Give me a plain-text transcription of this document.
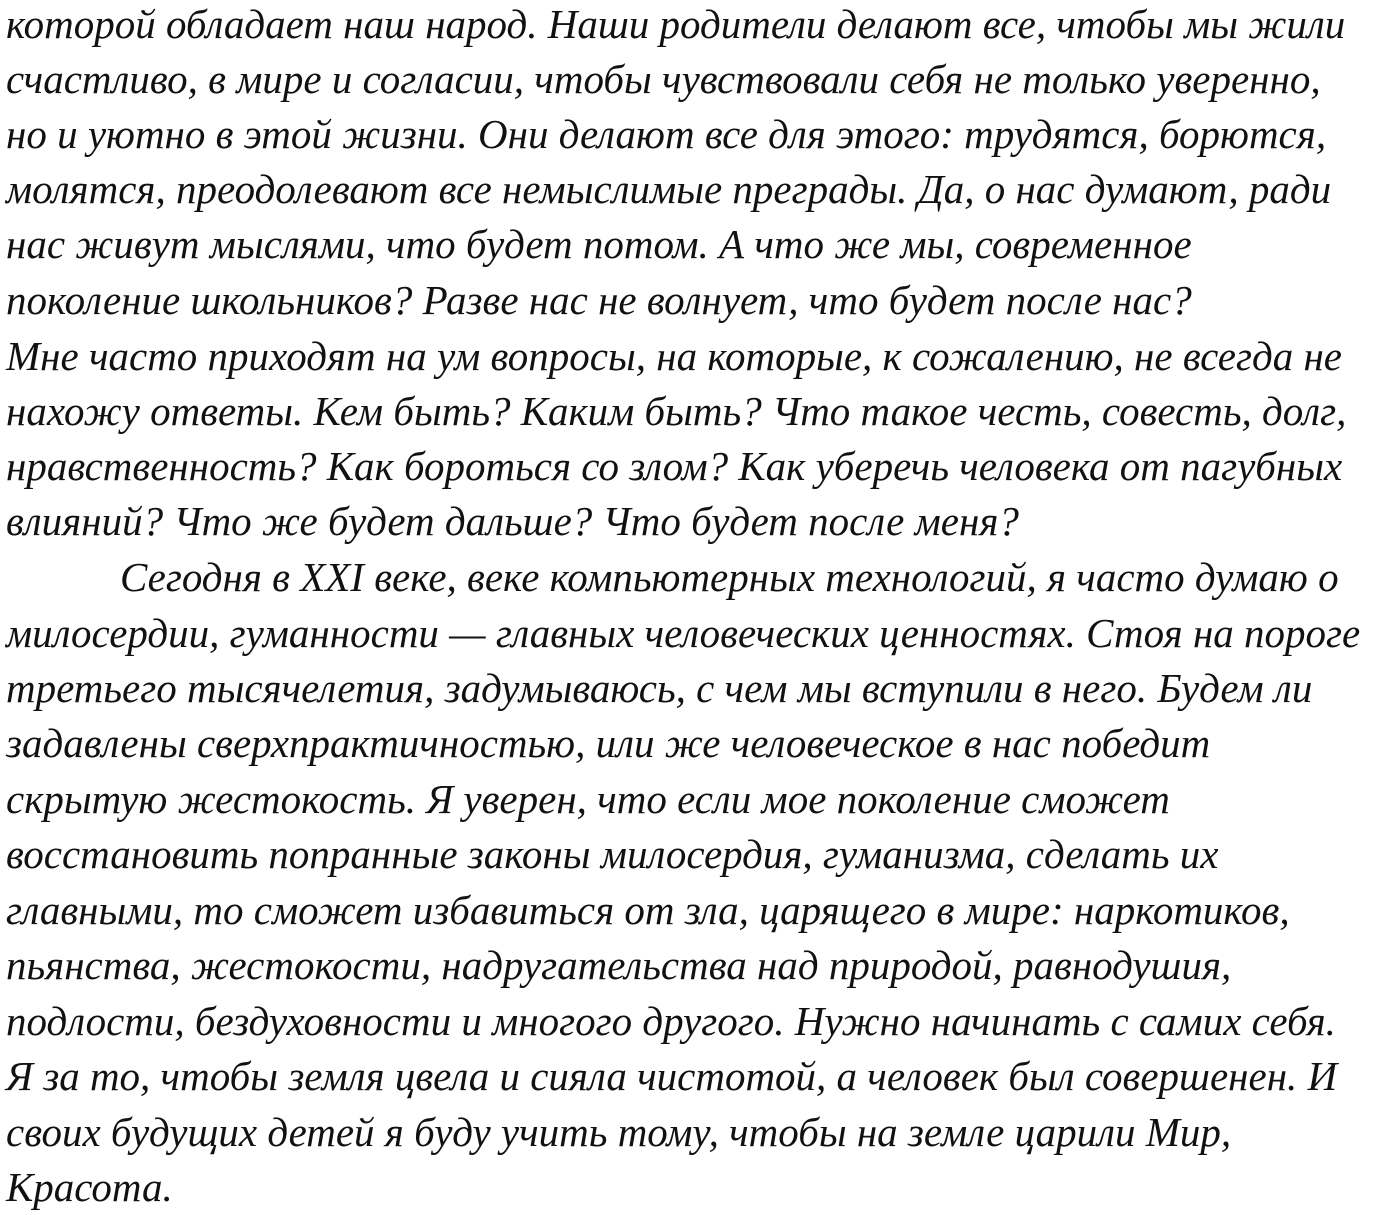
которой обладает наш народ. Наши родители делают все, чтобы мы жили

счастливо, в мире и согласии, чтобы чувствовали себя не только уверенно,

но и уютно в этой жизни. Они делают все для этого: трудятся, борются,

молятся, преодолевают все немыслимые преграды. Да, о нас думают, ради

нас живут мыслями, что будет потом. А что же мы, современное

поколение школьников? Разве нас не волнует, что будет после нас?

Мне часто приходят на ум вопросы, на которые, к сожалению, не всегда не

нахожу ответы. Кем быть? Каким быть? Что такое честь, совесть, долг,

нравственность? Как бороться со злом? Как уберечь человека от пагубных

влияний? Что же будет дальше? Что будет после меня?

Сегодня в XXI веке, веке компьютерных технологий, я часто думаю о

милосердии, гуманности — главных человеческих ценностях. Стоя на пороге

третьего тысячелетия, задумываюсь, с чем мы вступили в него. Будем ли

задавлены сверхпрактичностью, или же человеческое в нас победит

скрытую жестокость. Я уверен, что если мое поколение сможет

восстановить попранные законы милосердия, гуманизма, сделать их

главными, то сможет избавиться от зла, царящего в мире: наркотиков,

пьянства, жестокости, надругательства над природой, равнодушия,

подлости, бездуховности и многого другого. Нужно начинать с самих себя.

Я за то, чтобы земля цвела и сияла чистотой, а человек был совершенен. И

своих будущих детей я буду учить тому, чтобы на земле царили Мир,

Красота.
